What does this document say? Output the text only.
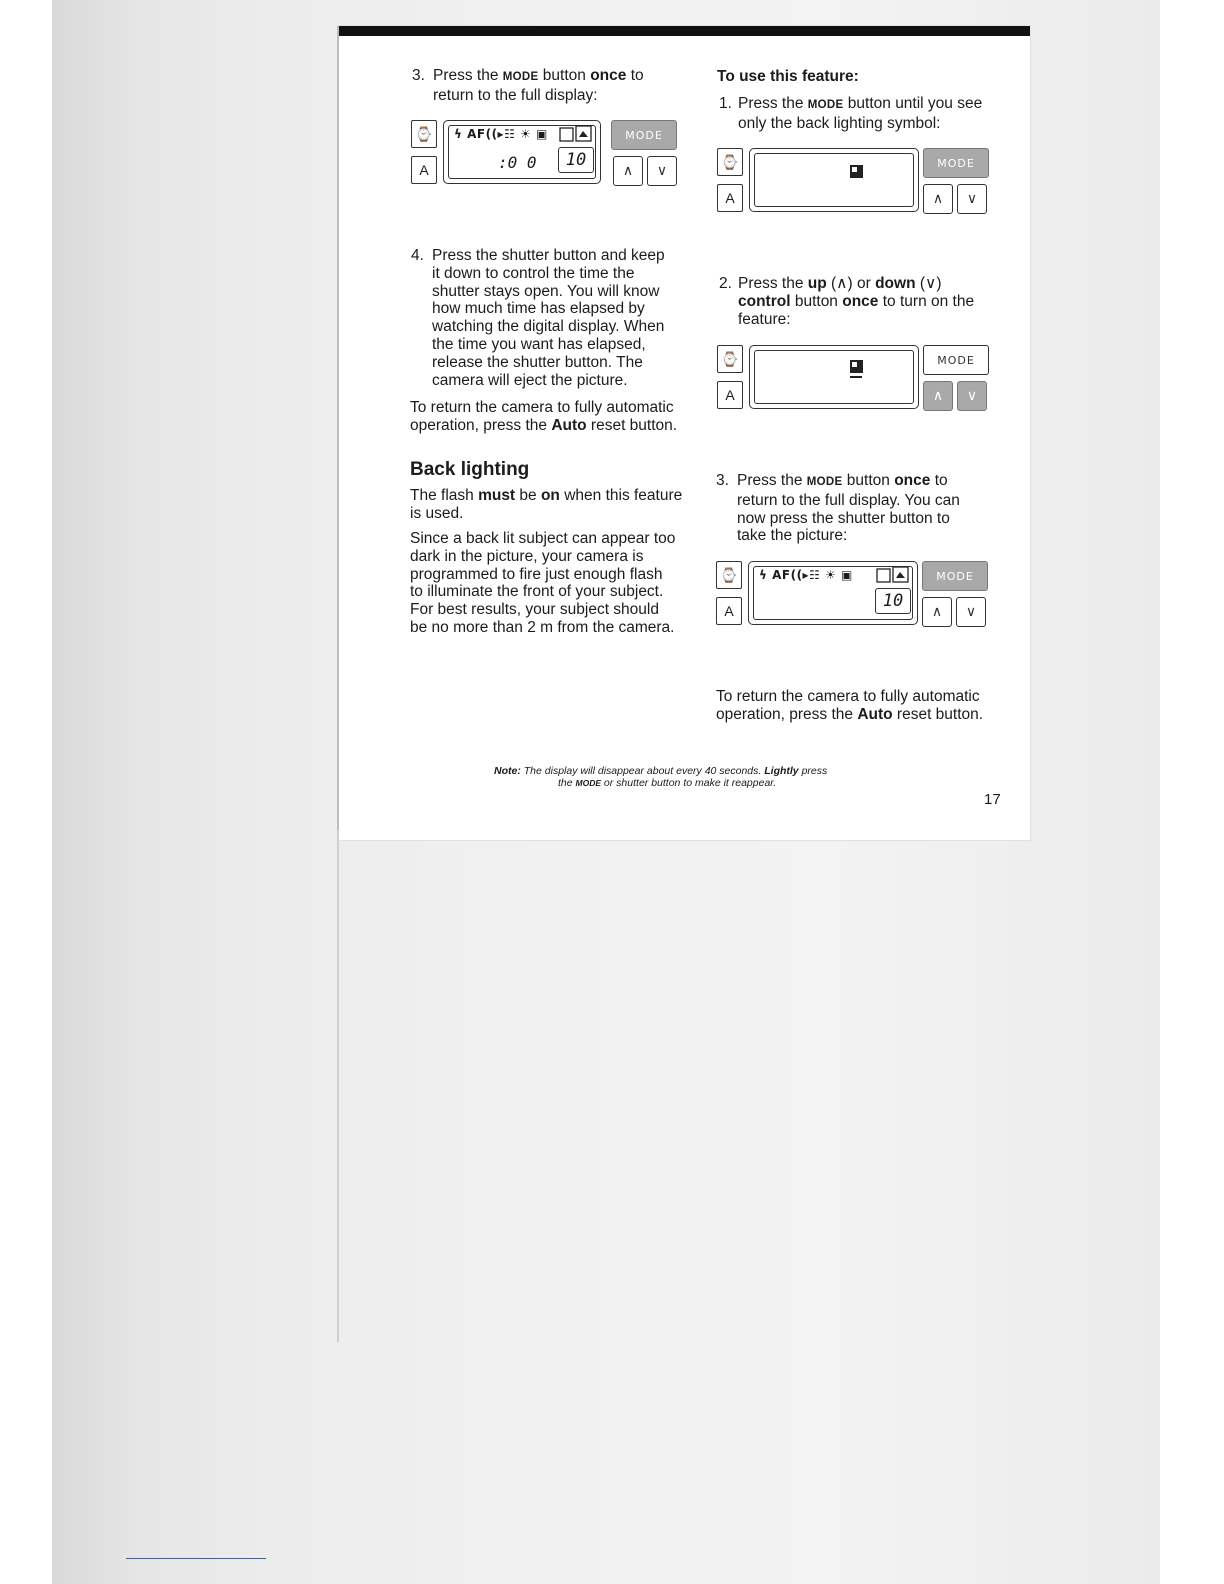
3. Press the MODE button once to
return to the full display:
⌚
A
ϟ AF((▸☷ ☀ ▣
:0 0	10
MODE
∧	∨
4. Press the shutter button and keep
it down to control the time the
shutter stays open. You will know
how much time has elapsed by
watching the digital display. When
the time you want has elapsed,
release the shutter button. The
camera will eject the picture.
To return the camera to fully automatic
operation, press the Auto reset button.
Back lighting
The flash must be on when this feature
is used.
Since a back lit subject can appear too
dark in the picture, your camera is
programmed to fire just enough flash
to illuminate the front of your subject.
For best results, your subject should
be no more than 2 m from the camera.
To use this feature:
1. Press the MODE button until you see
only the back lighting symbol:
⌚
A
MODE
∧	∨
2. Press the up (∧) or down (∨)
control button once to turn on the
feature:
⌚
A
MODE
∧	∨
3. Press the MODE button once to
return to the full display. You can
now press the shutter button to
take the picture:
⌚
A
ϟ AF((▸☷ ☀ ▣
10
MODE
∧	∨
To return the camera to fully automatic
operation, press the Auto reset button.
Note: The display will disappear about every 40 seconds. Lightly press
the MODE or shutter button to make it reappear.
17
